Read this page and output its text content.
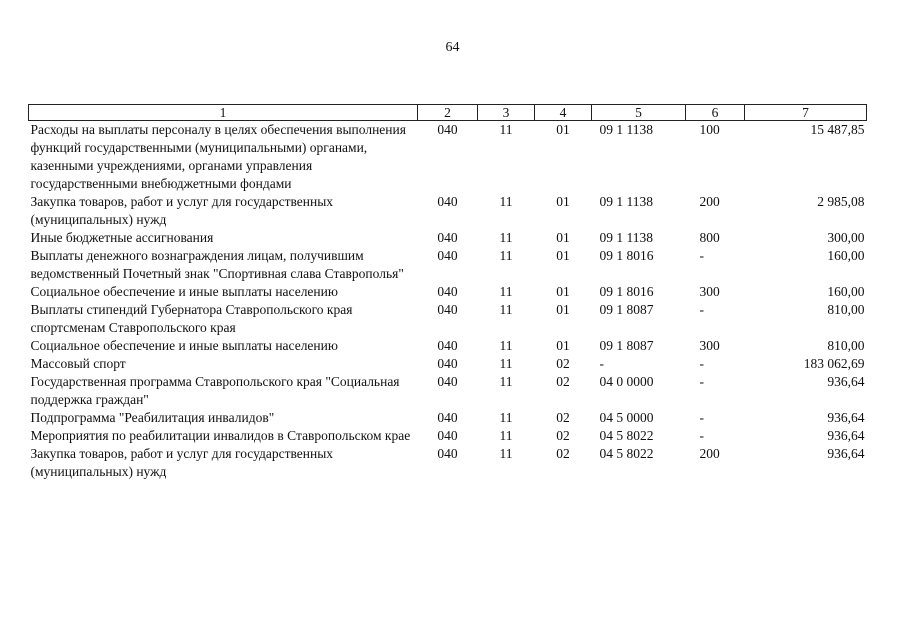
64
1	2	3	4	5	6	7
Расходы на выплаты персоналу в целях обеспечения выполнения функций государственными (муниципальными) органами, казенными учреждениями, органами управления государственными внебюджетными фондами	040	11	01	09 1 1138	100	15 487,85
Закупка товаров, работ и услуг для государственных (муниципальных) нужд	040	11	01	09 1 1138	200	2 985,08
Иные бюджетные ассигнования	040	11	01	09 1 1138	800	300,00
Выплаты денежного вознаграждения лицам, получившим ведомственный Почетный знак "Спортивная слава Ставрополья"	040	11	01	09 1 8016	-	160,00
Социальное обеспечение и иные выплаты населению	040	11	01	09 1 8016	300	160,00
Выплаты стипендий Губернатора Ставропольского края спортсменам Ставропольского края	040	11	01	09 1 8087	-	810,00
Социальное обеспечение и иные выплаты населению	040	11	01	09 1 8087	300	810,00
Массовый спорт	040	11	02	-	-	183 062,69
Государственная программа Ставропольского края "Социальная поддержка граждан"	040	11	02	04 0 0000	-	936,64
Подпрограмма "Реабилитация инвалидов"	040	11	02	04 5 0000	-	936,64
Мероприятия по реабилитации инвалидов в Ставропольском крае	040	11	02	04 5 8022	-	936,64
Закупка товаров, работ и услуг для государственных (муниципальных) нужд	040	11	02	04 5 8022	200	936,64
